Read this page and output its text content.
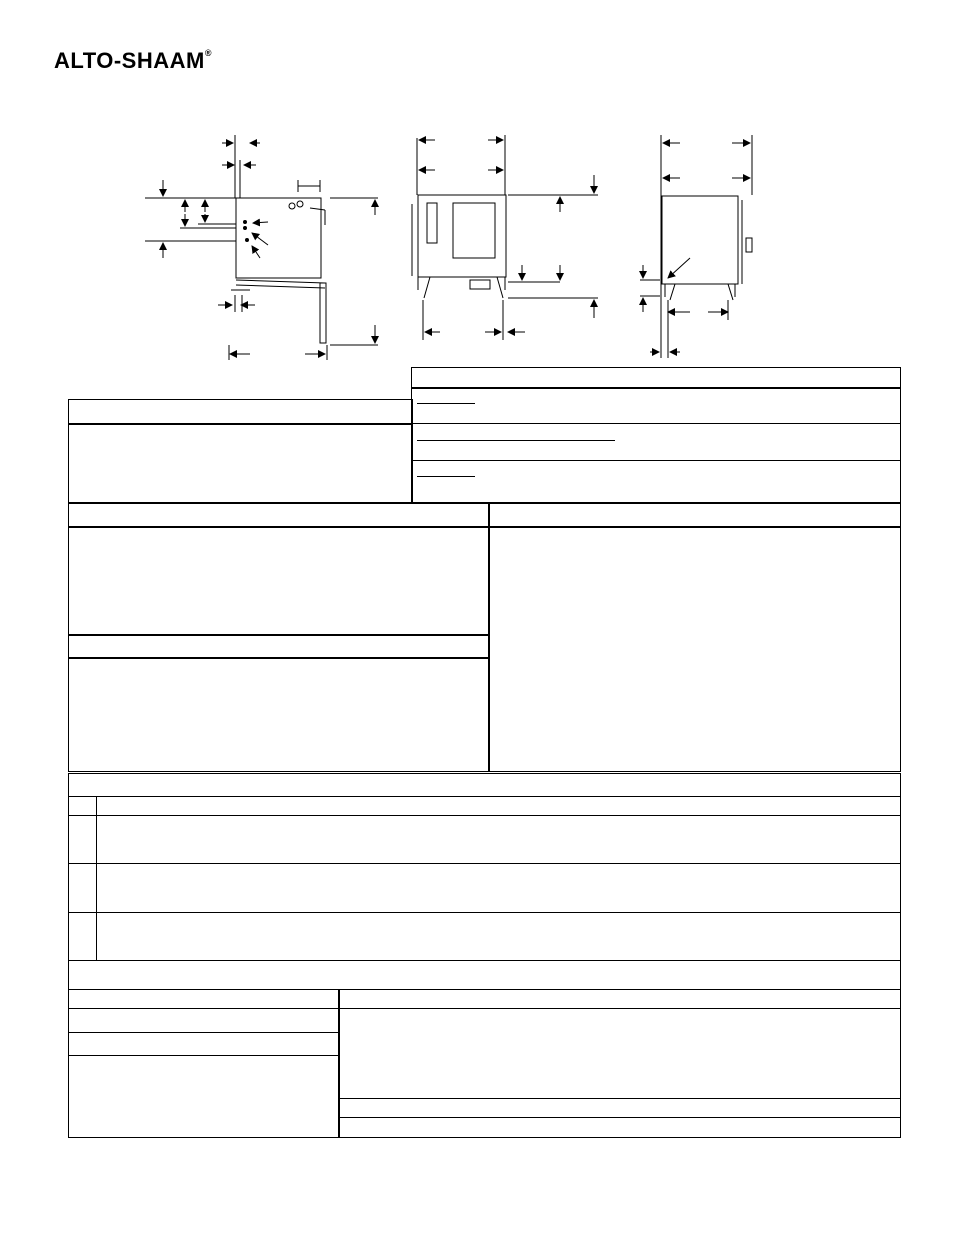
ALTO-SHAAM®
